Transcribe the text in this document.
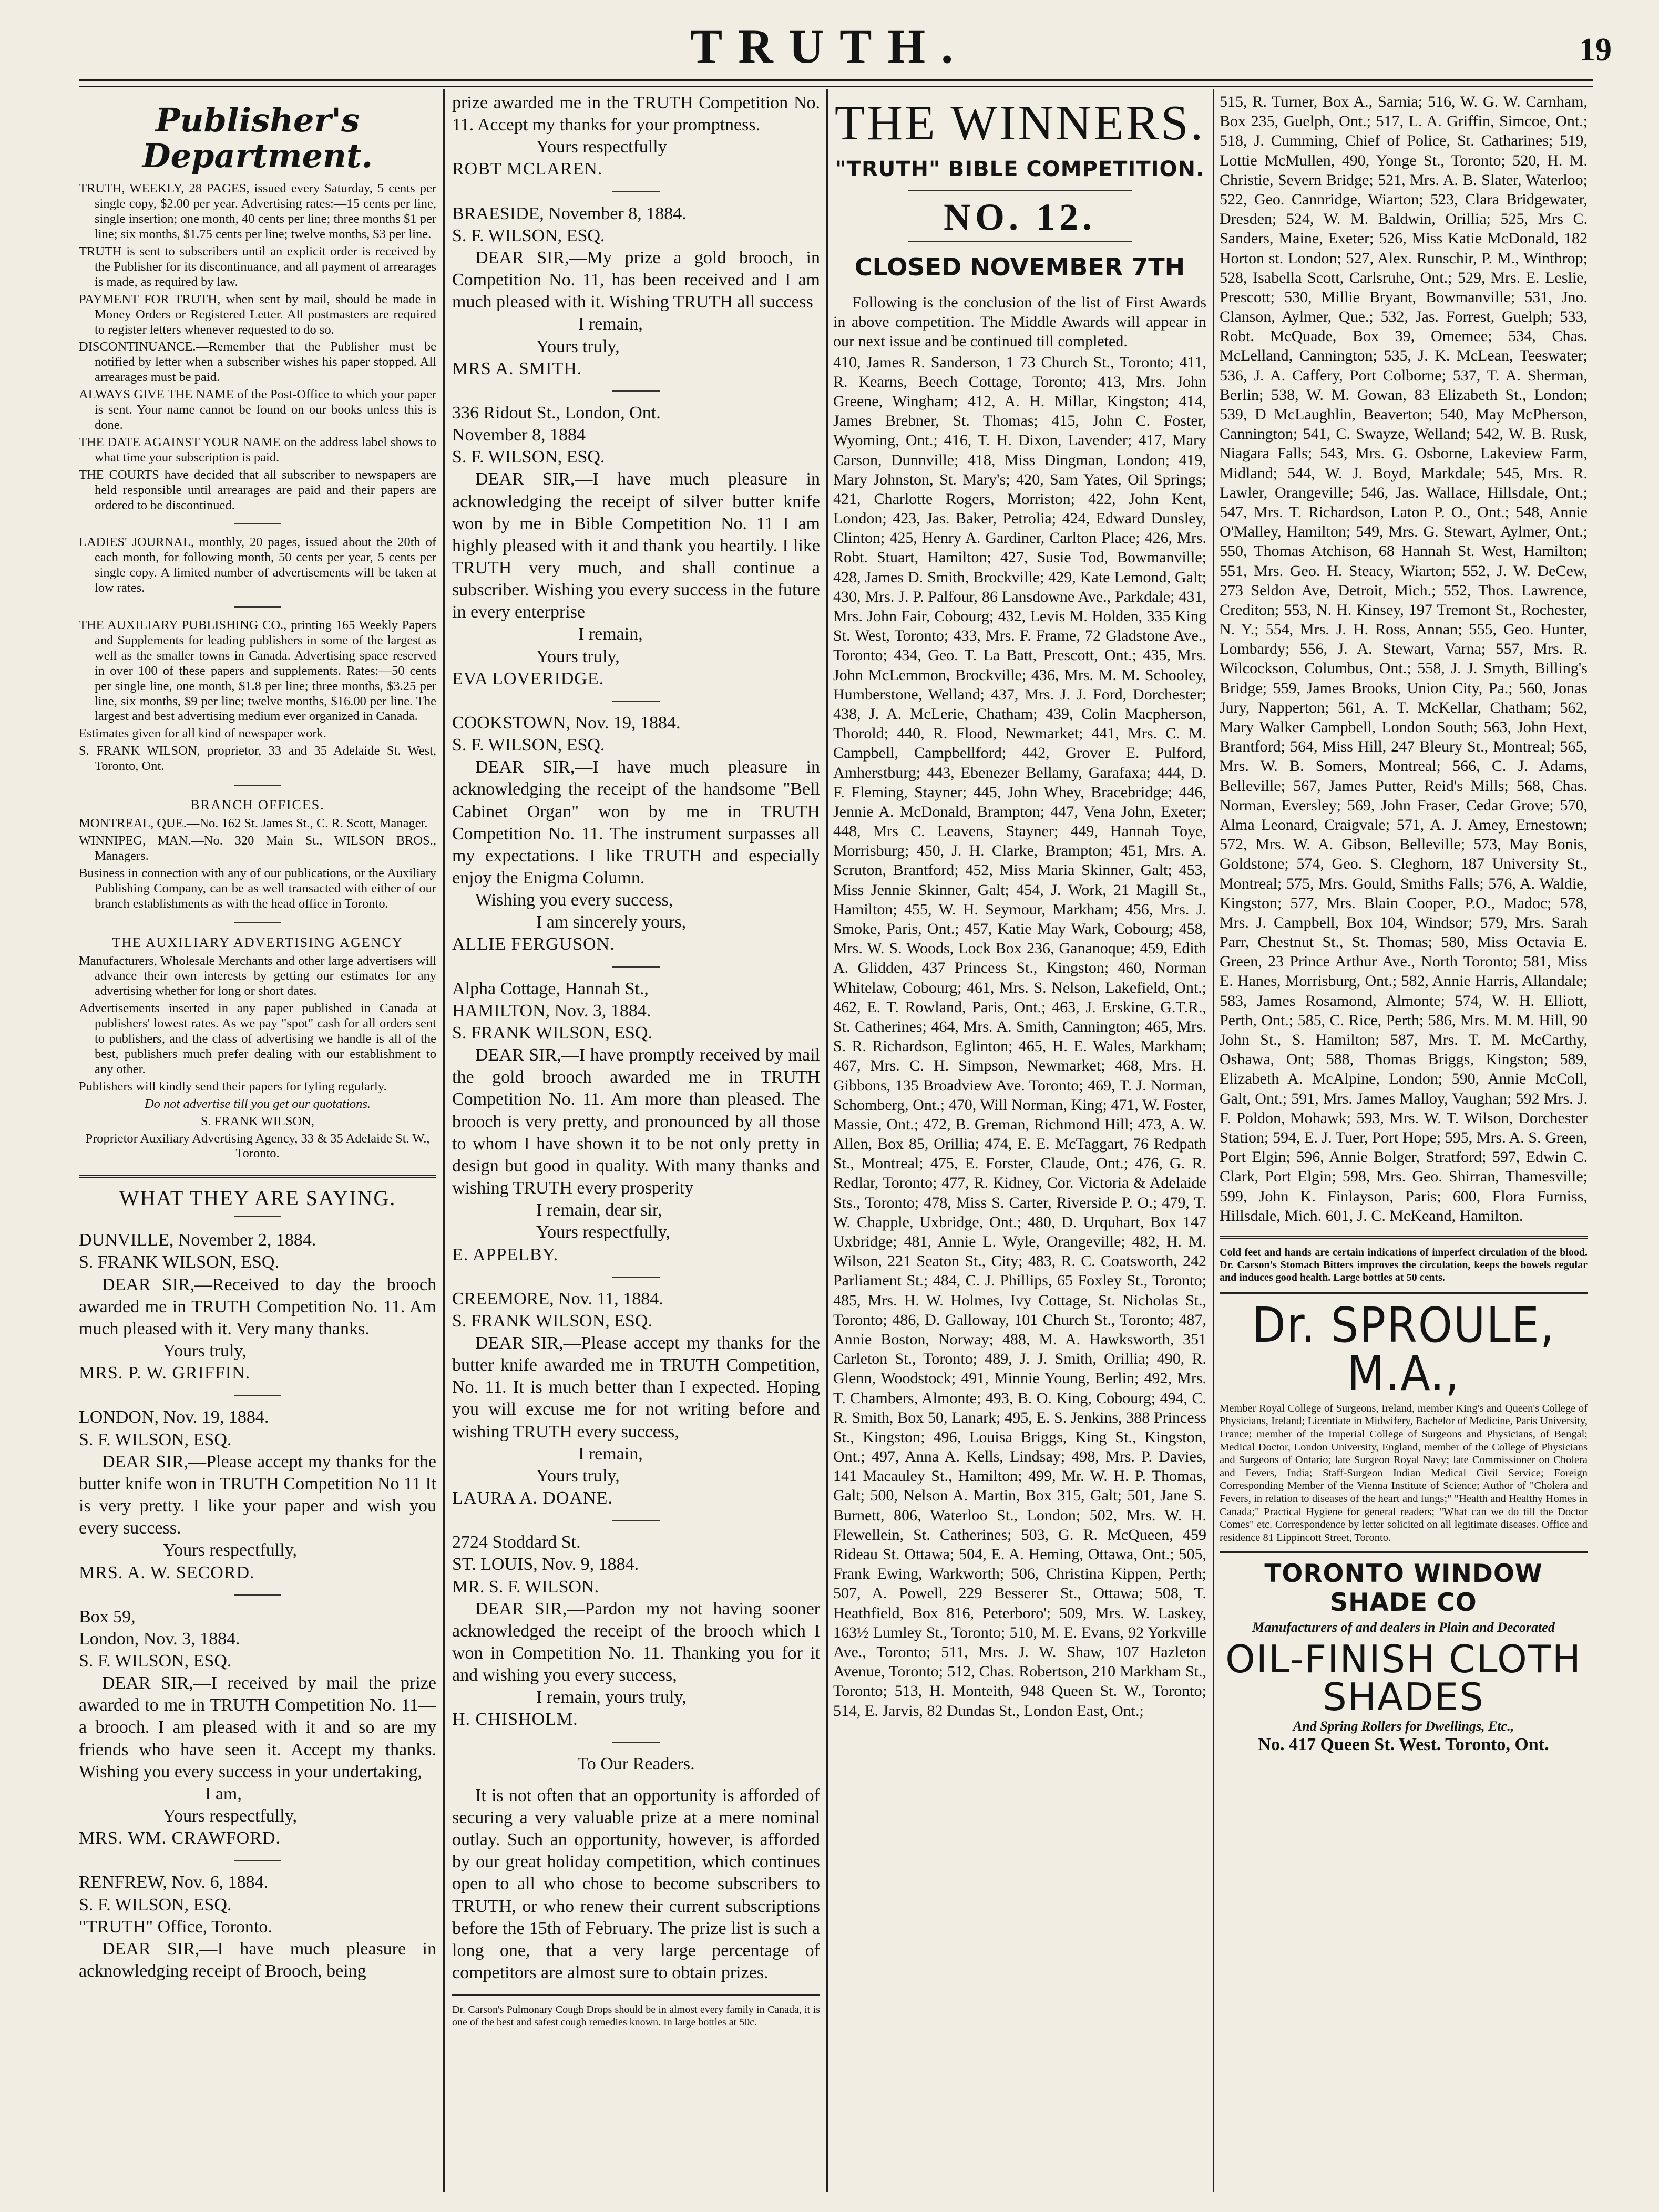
TRUTH.	19
Publisher's Department.

TRUTH, WEEKLY, 28 PAGES, issued every Saturday, 5 cents per single copy, $2.00 per year. Advertising rates:—15 cents per line, single insertion; one month, 40 cents per line; three months $1 per line; six months, $1.75 cents per line; twelve months, $3 per line.

TRUTH is sent to subscribers until an explicit order is received by the Publisher for its discontinuance, and all payment of arrearages is made, as required by law.

PAYMENT FOR TRUTH, when sent by mail, should be made in Money Orders or Registered Letter. All postmasters are required to register letters whenever requested to do so.

DISCONTINUANCE.—Remember that the Publisher must be notified by letter when a subscriber wishes his paper stopped. All arrearages must be paid.

ALWAYS GIVE THE NAME of the Post-Office to which your paper is sent. Your name cannot be found on our books unless this is done.

THE DATE AGAINST YOUR NAME on the address label shows to what time your subscription is paid.

THE COURTS have decided that all subscriber to newspapers are held responsible until arrearages are paid and their papers are ordered to be discontinued.

LADIES' JOURNAL, monthly, 20 pages, issued about the 20th of each month, for following month, 50 cents per year, 5 cents per single copy. A limited number of advertisements will be taken at low rates.

THE AUXILIARY PUBLISHING CO., printing 165 Weekly Papers and Supplements for leading publishers in some of the largest as well as the smaller towns in Canada. Advertising space reserved in over 100 of these papers and supplements. Rates:—50 cents per single line, one month, $1.8 per line; three months, $3.25 per line, six months, $9 per line; twelve months, $16.00 per line. The largest and best advertising medium ever organized in Canada.

Estimates given for all kind of newspaper work.

S. FRANK WILSON, proprietor, 33 and 35 Adelaide St. West, Toronto, Ont.

BRANCH OFFICES.

MONTREAL, QUE.—No. 162 St. James St., C. R. Scott, Manager.

WINNIPEG, MAN.—No. 320 Main St., WILSON BROS., Managers.

Business in connection with any of our publications, or the Auxiliary Publishing Company, can be as well transacted with either of our branch establishments as with the head office in Toronto.

THE AUXILIARY ADVERTISING AGENCY

Manufacturers, Wholesale Merchants and other large advertisers will advance their own interests by getting our estimates for any advertising whether for long or short dates.

Advertisements inserted in any paper published in Canada at publishers' lowest rates. As we pay "spot" cash for all orders sent to publishers, and the class of advertising we handle is all of the best, publishers much prefer dealing with our establishment to any other.

Publishers will kindly send their papers for fyling regularly.

Do not advertise till you get our quotations.

S. FRANK WILSON,

Proprietor Auxiliary Advertising Agency, 33 & 35 Adelaide St. W., Toronto.

WHAT THEY ARE SAYING.

DUNVILLE, November 2, 1884.

S. FRANK WILSON, ESQ.

DEAR SIR,—Received to day the brooch awarded me in TRUTH Competition No. 11. Am much pleased with it. Very many thanks.

Yours truly,

MRS. P. W. GRIFFIN.

LONDON, Nov. 19, 1884.

S. F. WILSON, ESQ.

DEAR SIR,—Please accept my thanks for the butter knife won in TRUTH Competition No 11 It is very pretty. I like your paper and wish you every success.

Yours respectfully,

MRS. A. W. SECORD.

Box 59,

London, Nov. 3, 1884.

S. F. WILSON, ESQ.

DEAR SIR,—I received by mail the prize awarded to me in TRUTH Competition No. 11—a brooch. I am pleased with it and so are my friends who have seen it. Accept my thanks. Wishing you every success in your undertaking,

I am,

Yours respectfully,

MRS. WM. CRAWFORD.

RENFREW, Nov. 6, 1884.

S. F. WILSON, ESQ.

"TRUTH" Office, Toronto.

DEAR SIR,—I have much pleasure in acknowledging receipt of Brooch, being

prize awarded me in the TRUTH Competition No. 11. Accept my thanks for your promptness.

Yours respectfully

ROBT MCLAREN.

BRAESIDE, November 8, 1884.

S. F. WILSON, ESQ.

DEAR SIR,—My prize a gold brooch, in Competition No. 11, has been received and I am much pleased with it. Wishing TRUTH all success

I remain,

Yours truly,

MRS A. SMITH.

336 Ridout St., London, Ont.

November 8, 1884

S. F. WILSON, ESQ.

DEAR SIR,—I have much pleasure in acknowledging the receipt of silver butter knife won by me in Bible Competition No. 11 I am highly pleased with it and thank you heartily. I like TRUTH very much, and shall continue a subscriber. Wishing you every success in the future in every enterprise

I remain,

Yours truly,

EVA LOVERIDGE.

COOKSTOWN, Nov. 19, 1884.

S. F. WILSON, ESQ.

DEAR SIR,—I have much pleasure in acknowledging the receipt of the handsome "Bell Cabinet Organ" won by me in TRUTH Competition No. 11. The instrument surpasses all my expectations. I like TRUTH and especially enjoy the Enigma Column.

Wishing you every success,

I am sincerely yours,

ALLIE FERGUSON.

Alpha Cottage, Hannah St.,

HAMILTON, Nov. 3, 1884.

S. FRANK WILSON, ESQ.

DEAR SIR,—I have promptly received by mail the gold brooch awarded me in TRUTH Competition No. 11. Am more than pleased. The brooch is very pretty, and pronounced by all those to whom I have shown it to be not only pretty in design but good in quality. With many thanks and wishing TRUTH every prosperity

I remain, dear sir,

Yours respectfully,

E. APPELBY.

CREEMORE, Nov. 11, 1884.

S. FRANK WILSON, ESQ.

DEAR SIR,—Please accept my thanks for the butter knife awarded me in TRUTH Competition, No. 11. It is much better than I expected. Hoping you will excuse me for not writing before and wishing TRUTH every success,

I remain,

Yours truly,

LAURA A. DOANE.

2724 Stoddard St.

ST. LOUIS, Nov. 9, 1884.

MR. S. F. WILSON.

DEAR SIR,—Pardon my not having sooner acknowledged the receipt of the brooch which I won in Competition No. 11. Thanking you for it and wishing you every success,

I remain, yours truly,

H. CHISHOLM.

To Our Readers.

It is not often that an opportunity is afforded of securing a very valuable prize at a mere nominal outlay. Such an opportunity, however, is afforded by our great holiday competition, which continues open to all who chose to become subscribers to TRUTH, or who renew their current subscriptions before the 15th of February. The prize list is such a long one, that a very large percentage of competitors are almost sure to obtain prizes.

Dr. Carson's Pulmonary Cough Drops should be in almost every family in Canada, it is one of the best and safest cough remedies known. In large bottles at 50c.
THE WINNERS.
"TRUTH" BIBLE COMPETITION.
NO. 12.
CLOSED NOVEMBER 7TH

Following is the conclusion of the list of First Awards in above competition. The Middle Awards will appear in our next issue and be continued till completed.

410, James R. Sanderson, 1 73 Church St., Toronto; 411, R. Kearns, Beech Cottage, Toronto; 413, Mrs. John Greene, Wingham; 412, A. H. Millar, Kingston; 414, James Brebner, St. Thomas; 415, John C. Foster, Wyoming, Ont.; 416, T. H. Dixon, Lavender; 417, Mary Carson, Dunnville; 418, Miss Dingman, London; 419, Mary Johnston, St. Mary's; 420, Sam Yates, Oil Springs; 421, Charlotte Rogers, Morriston; 422, John Kent, London; 423, Jas. Baker, Petrolia; 424, Edward Dunsley, Clinton; 425, Henry A. Gardiner, Carlton Place; 426, Mrs. Robt. Stuart, Hamilton; 427, Susie Tod, Bowmanville; 428, James D. Smith, Brockville; 429, Kate Lemond, Galt; 430, Mrs. J. P. Palfour, 86 Lansdowne Ave., Parkdale; 431, Mrs. John Fair, Cobourg; 432, Levis M. Holden, 335 King St. West, Toronto; 433, Mrs. F. Frame, 72 Gladstone Ave., Toronto; 434, Geo. T. La Batt, Prescott, Ont.; 435, Mrs. John McLemmon, Brockville; 436, Mrs. M. M. Schooley, Humberstone, Welland; 437, Mrs. J. J. Ford, Dorchester; 438, J. A. McLerie, Chatham; 439, Colin Macpherson, Thorold; 440, R. Flood, Newmarket; 441, Mrs. C. M. Campbell, Campbellford; 442, Grover E. Pulford, Amherstburg; 443, Ebenezer Bellamy, Garafaxa; 444, D. F. Fleming, Stayner; 445, John Whey, Bracebridge; 446, Jennie A. McDonald, Brampton; 447, Vena John, Exeter; 448, Mrs C. Leavens, Stayner; 449, Hannah Toye, Morrisburg; 450, J. H. Clarke, Brampton; 451, Mrs. A. Scruton, Brantford; 452, Miss Maria Skinner, Galt; 453, Miss Jennie Skinner, Galt; 454, J. Work, 21 Magill St., Hamilton; 455, W. H. Seymour, Markham; 456, Mrs. J. Smoke, Paris, Ont.; 457, Katie May Wark, Cobourg; 458, Mrs. W. S. Woods, Lock Box 236, Gananoque; 459, Edith A. Glidden, 437 Princess St., Kingston; 460, Norman Whitelaw, Cobourg; 461, Mrs. S. Nelson, Lakefield, Ont.; 462, E. T. Rowland, Paris, Ont.; 463, J. Erskine, G.T.R., St. Catherines; 464, Mrs. A. Smith, Cannington; 465, Mrs. S. R. Richardson, Eglinton; 465, H. E. Wales, Markham; 467, Mrs. C. H. Simpson, Newmarket; 468, Mrs. H. Gibbons, 135 Broadview Ave. Toronto; 469, T. J. Norman, Schomberg, Ont.; 470, Will Norman, King; 471, W. Foster, Massie, Ont.; 472, B. Greman, Richmond Hill; 473, A. W. Allen, Box 85, Orillia; 474, E. E. McTaggart, 76 Redpath St., Montreal; 475, E. Forster, Claude, Ont.; 476, G. R. Redlar, Toronto; 477, R. Kidney, Cor. Victoria & Adelaide Sts., Toronto; 478, Miss S. Carter, Riverside P. O.; 479, T. W. Chapple, Uxbridge, Ont.; 480, D. Urquhart, Box 147 Uxbridge; 481, Annie L. Wyle, Orangeville; 482, H. M. Wilson, 221 Seaton St., City; 483, R. C. Coatsworth, 242 Parliament St.; 484, C. J. Phillips, 65 Foxley St., Toronto; 485, Mrs. H. W. Holmes, Ivy Cottage, St. Nicholas St., Toronto; 486, D. Galloway, 101 Church St., Toronto; 487, Annie Boston, Norway; 488, M. A. Hawksworth, 351 Carleton St., Toronto; 489, J. J. Smith, Orillia; 490, R. Glenn, Woodstock; 491, Minnie Young, Berlin; 492, Mrs. T. Chambers, Almonte; 493, B. O. King, Cobourg; 494, C. R. Smith, Box 50, Lanark; 495, E. S. Jenkins, 388 Princess St., Kingston; 496, Louisa Briggs, King St., Kingston, Ont.; 497, Anna A. Kells, Lindsay; 498, Mrs. P. Davies, 141 Macauley St., Hamilton; 499, Mr. W. H. P. Thomas, Galt; 500, Nelson A. Martin, Box 315, Galt; 501, Jane S. Burnett, 806, Waterloo St., London; 502, Mrs. W. H. Flewellein, St. Catherines; 503, G. R. McQueen, 459 Rideau St. Ottawa; 504, E. A. Heming, Ottawa, Ont.; 505, Frank Ewing, Warkworth; 506, Christina Kippen, Perth; 507, A. Powell, 229 Besserer St., Ottawa; 508, T. Heathfield, Box 816, Peterboro'; 509, Mrs. W. Laskey, 163½ Lumley St., Toronto; 510, M. E. Evans, 92 Yorkville Ave., Toronto; 511, Mrs. J. W. Shaw, 107 Hazleton Avenue, Toronto; 512, Chas. Robertson, 210 Markham St., Toronto; 513, H. Monteith, 948 Queen St. W., Toronto; 514, E. Jarvis, 82 Dundas St., London East, Ont.;

515, R. Turner, Box A., Sarnia; 516, W. G. W. Carnham, Box 235, Guelph, Ont.; 517, L. A. Griffin, Simcoe, Ont.; 518, J. Cumming, Chief of Police, St. Catharines; 519, Lottie McMullen, 490, Yonge St., Toronto; 520, H. M. Christie, Severn Bridge; 521, Mrs. A. B. Slater, Waterloo; 522, Geo. Cannridge, Wiarton; 523, Clara Bridgewater, Dresden; 524, W. M. Baldwin, Orillia; 525, Mrs C. Sanders, Maine, Exeter; 526, Miss Katie McDonald, 182 Horton st. London; 527, Alex. Runschir, P. M., Winthrop; 528, Isabella Scott, Carlsruhe, Ont.; 529, Mrs. E. Leslie, Prescott; 530, Millie Bryant, Bowmanville; 531, Jno. Clanson, Aylmer, Que.; 532, Jas. Forrest, Guelph; 533, Robt. McQuade, Box 39, Omemee; 534, Chas. McLelland, Cannington; 535, J. K. McLean, Teeswater; 536, J. A. Caffery, Port Colborne; 537, T. A. Sherman, Berlin; 538, W. M. Gowan, 83 Elizabeth St., London; 539, D McLaughlin, Beaverton; 540, May McPherson, Cannington; 541, C. Swayze, Welland; 542, W. B. Rusk, Niagara Falls; 543, Mrs. G. Osborne, Lakeview Farm, Midland; 544, W. J. Boyd, Markdale; 545, Mrs. R. Lawler, Orangeville; 546, Jas. Wallace, Hillsdale, Ont.; 547, Mrs. T. Richardson, Laton P. O., Ont.; 548, Annie O'Malley, Hamilton; 549, Mrs. G. Stewart, Aylmer, Ont.; 550, Thomas Atchison, 68 Hannah St. West, Hamilton; 551, Mrs. Geo. H. Steacy, Wiarton; 552, J. W. DeCew, 273 Seldon Ave, Detroit, Mich.; 552, Thos. Lawrence, Crediton; 553, N. H. Kinsey, 197 Tremont St., Rochester, N. Y.; 554, Mrs. J. H. Ross, Annan; 555, Geo. Hunter, Lombardy; 556, J. A. Stewart, Varna; 557, Mrs. R. Wilcockson, Columbus, Ont.; 558, J. J. Smyth, Billing's Bridge; 559, James Brooks, Union City, Pa.; 560, Jonas Jury, Napperton; 561, A. T. McKellar, Chatham; 562, Mary Walker Campbell, London South; 563, John Hext, Brantford; 564, Miss Hill, 247 Bleury St., Montreal; 565, Mrs. W. B. Somers, Montreal; 566, C. J. Adams, Belleville; 567, James Putter, Reid's Mills; 568, Chas. Norman, Eversley; 569, John Fraser, Cedar Grove; 570, Alma Leonard, Craigvale; 571, A. J. Amey, Ernestown; 572, Mrs. W. A. Gibson, Belleville; 573, May Bonis, Goldstone; 574, Geo. S. Cleghorn, 187 University St., Montreal; 575, Mrs. Gould, Smiths Falls; 576, A. Waldie, Kingston; 577, Mrs. Blain Cooper, P.O., Madoc; 578, Mrs. J. Campbell, Box 104, Windsor; 579, Mrs. Sarah Parr, Chestnut St., St. Thomas; 580, Miss Octavia E. Green, 23 Prince Arthur Ave., North Toronto; 581, Miss E. Hanes, Morrisburg, Ont.; 582, Annie Harris, Allandale; 583, James Rosamond, Almonte; 574, W. H. Elliott, Perth, Ont.; 585, C. Rice, Perth; 586, Mrs. M. M. Hill, 90 John St., S. Hamilton; 587, Mrs. T. M. McCarthy, Oshawa, Ont; 588, Thomas Briggs, Kingston; 589, Elizabeth A. McAlpine, London; 590, Annie McColl, Galt, Ont.; 591, Mrs. James Malloy, Vaughan; 592 Mrs. J. F. Poldon, Mohawk; 593, Mrs. W. T. Wilson, Dorchester Station; 594, E. J. Tuer, Port Hope; 595, Mrs. A. S. Green, Port Elgin; 596, Annie Bolger, Stratford; 597, Edwin C. Clark, Port Elgin; 598, Mrs. Geo. Shirran, Thamesville; 599, John K. Finlayson, Paris; 600, Flora Furniss, Hillsdale, Mich. 601, J. C. McKeand, Hamilton.

Cold feet and hands are certain indications of imperfect circulation of the blood. Dr. Carson's Stomach Bitters improves the circulation, keeps the bowels regular and induces good health. Large bottles at 50 cents.

Dr. SPROULE, M.A.,

Member Royal College of Surgeons, Ireland, member King's and Queen's College of Physicians, Ireland; Licentiate in Midwifery, Bachelor of Medicine, Paris University, France; member of the Imperial College of Surgeons and Physicians, of Bengal; Medical Doctor, London University, England, member of the College of Physicians and Surgeons of Ontario; late Surgeon Royal Navy; late Commissioner on Cholera and Fevers, India; Staff-Surgeon Indian Medical Civil Service; Foreign Corresponding Member of the Vienna Institute of Science; Author of "Cholera and Fevers, in relation to diseases of the heart and lungs;" "Health and Healthy Homes in Canada;" Practical Hygiene for general readers; "What can we do till the Doctor Comes" etc. Correspondence by letter solicited on all legitimate diseases. Office and residence 81 Lippincott Street, Toronto.

TORONTO WINDOW SHADE CO

Manufacturers of and dealers in Plain and Decorated

OIL-FINISH CLOTH SHADES

And Spring Rollers for Dwellings, Etc.,

No. 417 Queen St. West. Toronto, Ont.
